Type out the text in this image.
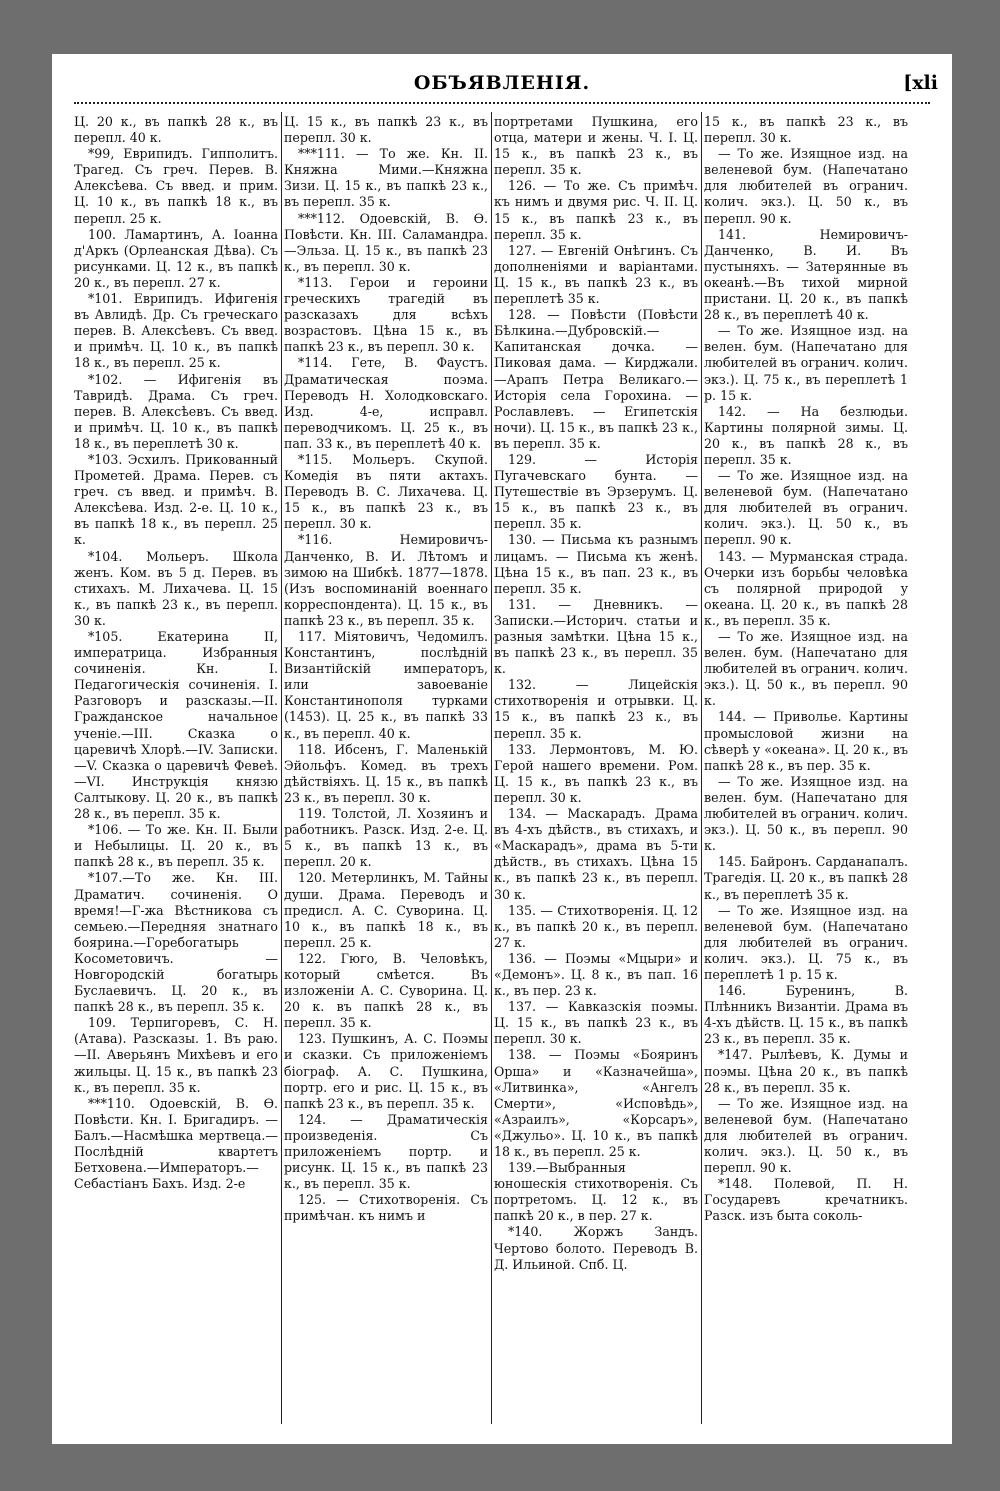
ОБЪЯВЛЕНІЯ.	[xli

Ц. 20 к., въ папкѣ 28 к., въ перепл. 40 к.

*99, Еврипидъ. Гипполитъ. Трагед. Съ греч. Перев. В. Алексѣева. Съ введ. и прим. Ц. 10 к., въ папкѣ 18 к., въ перепл. 25 к.

100. Ламартинъ, А. Іоанна д'Аркъ (Орлеанская Дѣва). Съ рисунками. Ц. 12 к., въ папкѣ 20 к., въ перепл. 27 к.

*101. Еврипидъ. Ифигенія въ Авлидѣ. Др. Съ греческаго перев. В. Алексѣевъ. Съ введ. и примѣч. Ц. 10 к., въ папкѣ 18 к., въ перепл. 25 к.

*102. — Ифигенія въ Тавридѣ. Драма. Съ греч. перев. В. Алексѣевъ. Съ введ. и примѣч. Ц. 10 к., въ папкѣ 18 к., въ переплетѣ 30 к.

*103. Эсхилъ. Прикованный Прометей. Драма. Перев. съ греч. съ введ. и примѣч. В. Алексѣева. Изд. 2-е. Ц. 10 к., въ папкѣ 18 к., въ перепл. 25 к.

*104. Мольеръ. Школа женъ. Ком. въ 5 д. Перев. въ стихахъ. М. Лихачева. Ц. 15 к., въ папкѣ 23 к., въ перепл. 30 к.

*105. Екатерина II, императрица. Избранныя сочиненія. Кн. I. Педагогическія сочиненія. I. Разговоръ и разсказы.—II. Гражданское начальное ученіе.—III. Сказка о царевичѣ Хлорѣ.—IV. Записки.—V. Сказка о царевичѣ Февеѣ.—VI. Инструкція князю Салтыкову. Ц. 20 к., въ папкѣ 28 к., въ перепл. 35 к.

*106. — То же. Кн. II. Были и Небылицы. Ц. 20 к., въ папкѣ 28 к., въ перепл. 35 к.

*107.—То же. Кн. III. Драматич. сочиненія. О время!—Г-жа Вѣстникова съ семьею.—Передняя знатнаго боярина.—Горебогатырь Косометовичъ. —Новгородскій богатырь Буслаевичъ. Ц. 20 к., въ папкѣ 28 к., въ перепл. 35 к.

109. Терпигоревъ, С. Н. (Атава). Разсказы. 1. Въ раю.—II. Аверьянъ Михѣевъ и его жильцы. Ц. 15 к., въ папкѣ 23 к., въ перепл. 35 к.

***110. Одоевскій, В. Ѳ. Повѣсти. Кн. I. Бригадиръ. — Балъ.—Насмѣшка мертвеца.—Послѣдній квартетъ Бетховена.—Императоръ.—Себастіанъ Бахъ. Изд. 2-е

Ц. 15 к., въ папкѣ 23 к., въ перепл. 30 к.

***111. — То же. Кн. II. Княжна Мими.—Княжна Зизи. Ц. 15 к., въ папкѣ 23 к., въ перепл. 35 к.

***112. Одоевскій, В. Ѳ. Повѣсти. Кн. III. Саламандра.—Эльза. Ц. 15 к., въ папкѣ 23 к., въ перепл. 30 к.

*113. Герои и героини греческихъ трагедій въ разсказахъ для всѣхъ возрастовъ. Цѣна 15 к., въ папкѣ 23 к., въ перепл. 30 к.

*114. Гете, В. Фаустъ. Драматическая поэма. Переводъ Н. Холодковскаго. Изд. 4-е, исправл. переводчикомъ. Ц. 25 к., въ пап. 33 к., въ переплетѣ 40 к.

*115. Мольеръ. Скупой. Комедія въ пяти актахъ. Переводъ В. С. Лихачева. Ц. 15 к., въ папкѣ 23 к., въ перепл. 30 к.

*116. Немировичъ-Данченко, В. И. Лѣтомъ и зимою на Шибкѣ. 1877—1878. (Изъ воспоминаній военнаго корреспондента). Ц. 15 к., въ папкѣ 23 к., въ перепл. 35 к.

117. Міятовичъ, Чедомилъ. Константинъ, послѣдній Византійскій императоръ, или завоеваніе Константинополя турками (1453). Ц. 25 к., въ папкѣ 33 к., въ перепл. 40 к.

118. Ибсенъ, Г. Маленькій Эйольфъ. Комед. въ трехъ дѣйствіяхъ. Ц. 15 к., въ папкѣ 23 к., въ перепл. 30 к.

119. Толстой, Л. Хозяинъ и работникъ. Разск. Изд. 2-е. Ц. 5 к., въ папкѣ 13 к., въ перепл. 20 к.

120. Метерлинкъ, М. Тайны души. Драма. Переводъ и предисл. А. С. Суворина. Ц. 10 к., въ папкѣ 18 к., въ перепл. 25 к.

122. Гюго, В. Человѣкъ, который смѣется. Въ изложеніи А. С. Суворина. Ц. 20 к. въ папкѣ 28 к., въ перепл. 35 к.

123. Пушкинъ, А. С. Поэмы и сказки. Съ приложеніемъ біограф. А. С. Пушкина, портр. его и рис. Ц. 15 к., въ папкѣ 23 к., въ перепл. 35 к.

124. — Драматическія произведенія. Съ приложеніемъ портр. и рисунк. Ц. 15 к., въ папкѣ 23 к., въ перепл. 35 к.

125. — Стихотворенія. Съ примѣчан. къ нимъ и

портретами Пушкина, его отца, матери и жены. Ч. I. Ц. 15 к., въ папкѣ 23 к., въ перепл. 35 к.

126. — То же. Съ примѣч. къ нимъ и двумя рис. Ч. II. Ц. 15 к., въ папкѣ 23 к., въ перепл. 35 к.

127. — Евгеній Онѣгинъ. Съ дополненіями и варіантами. Ц. 15 к., въ папкѣ 23 к., въ переплетѣ 35 к.

128. — Повѣсти (Повѣсти Бѣлкина.—Дубровскій.—Капитанская дочка. — Пиковая дама. — Кирджали.—Арапъ Петра Великаго.—Исторія села Горохина. — Рославлевъ. — Египетскія ночи). Ц. 15 к., въ папкѣ 23 к., въ перепл. 35 к.

129. — Исторія Пугачевскаго бунта. — Путешествіе въ Эрзерумъ. Ц. 15 к., въ папкѣ 23 к., въ перепл. 35 к.

130. — Письма къ разнымъ лицамъ. — Письма къ женѣ. Цѣна 15 к., въ пап. 23 к., въ перепл. 35 к.

131. — Дневникъ. — Записки.—Историч. статьи и разныя замѣтки. Цѣна 15 к., въ папкѣ 23 к., въ перепл. 35 к.

132. — Лицейскія стихотворенія и отрывки. Ц. 15 к., въ папкѣ 23 к., въ перепл. 35 к.

133. Лермонтовъ, М. Ю. Герой нашего времени. Ром. Ц. 15 к., въ папкѣ 23 к., въ перепл. 30 к.

134. — Маскарадъ. Драма въ 4-хъ дѣйств., въ стихахъ, и «Маскарадъ», драма въ 5-ти дѣйств., въ стихахъ. Цѣна 15 к., въ папкѣ 23 к., въ перепл. 30 к.

135. — Стихотворенія. Ц. 12 к., въ папкѣ 20 к., въ перепл. 27 к.

136. — Поэмы «Мцыри» и «Демонъ». Ц. 8 к., въ пап. 16 к., въ пер. 23 к.

137. — Кавказскія поэмы. Ц. 15 к., въ папкѣ 23 к., въ перепл. 30 к.

138. — Поэмы «Бояринъ Орша» и «Казначейша», «Литвинка», «Ангелъ Смерти», «Исповѣдь», «Азраилъ», «Корсаръ», «Джульо». Ц. 10 к., въ папкѣ 18 к., въ перепл. 25 к.

139.—Выбранныя юношескія стихотворенія. Съ портретомъ. Ц. 12 к., въ папкѣ 20 к., в пер. 27 к.

*140. Жоржъ Зандъ. Чертово болото. Переводъ В. Д. Ильиной. Спб. Ц.

15 к., въ папкѣ 23 к., въ перепл. 30 к.

— То же. Изящное изд. на веленевой бум. (Напечатано для любителей въ огранич. колич. экз.). Ц. 50 к., въ перепл. 90 к.

141. Немировичъ-Данченко, В. И. Въ пустыняхъ. — Затерянные въ океанѣ.—Въ тихой мирной пристани. Ц. 20 к., въ папкѣ 28 к., въ переплетѣ 40 к.

— То же. Изящное изд. на велен. бум. (Напечатано для любителей въ огранич. колич. экз.). Ц. 75 к., въ переплетѣ 1 р. 15 к.

142. — На безлюдьи. Картины полярной зимы. Ц. 20 к., въ папкѣ 28 к., въ перепл. 35 к.

— То же. Изящное изд. на веленевой бум. (Напечатано для любителей въ огранич. колич. экз.). Ц. 50 к., въ перепл. 90 к.

143. — Мурманская страда. Очерки изъ борьбы человѣка съ полярной природой у океана. Ц. 20 к., въ папкѣ 28 к., въ перепл. 35 к.

— То же. Изящное изд. на велен. бум. (Напечатано для любителей въ огранич. колич. экз.). Ц. 50 к., въ перепл. 90 к.

144. — Приволье. Картины промысловой жизни на сѣверѣ у «океана». Ц. 20 к., въ папкѣ 28 к., въ пер. 35 к.

— То же. Изящное изд. на велен. бум. (Напечатано для любителей въ огранич. колич. экз.). Ц. 50 к., въ перепл. 90 к.

145. Байронъ. Сарданапалъ. Трагедія. Ц. 20 к., въ папкѣ 28 к., въ переплетѣ 35 к.

— То же. Изящное изд. на веленевой бум. (Напечатано для любителей въ огранич. колич. экз.). Ц. 75 к., въ переплетѣ 1 р. 15 к.

146. Буренинъ, В. Плѣнникъ Византіи. Драма въ 4-хъ дѣйств. Ц. 15 к., въ папкѣ 23 к., въ перепл. 35 к.

*147. Рылѣевъ, К. Думы и поэмы. Цѣна 20 к., въ папкѣ 28 к., въ перепл. 35 к.

— То же. Изящное изд. на веленевой бум. (Напечатано для любителей въ огранич. колич. экз.). Ц. 50 к., въ перепл. 90 к.

*148. Полевой, П. Н. Государевъ кречатникъ. Разск. изъ быта соколь-
